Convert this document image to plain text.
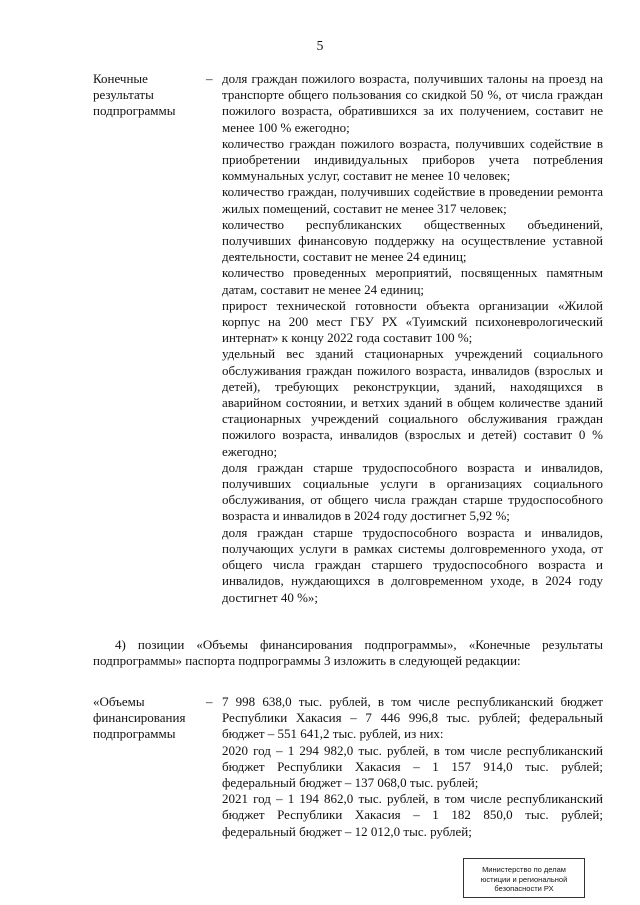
5
Конечные
результаты
подпрограммы
– доля граждан пожилого возраста, получивших талоны на проезд на транспорте общего пользования со скидкой 50 %, от числа граждан пожилого возраста, обратившихся за их получением, составит не менее 100 % ежегодно;

количество граждан пожилого возраста, получивших содействие в приобретении индивидуальных приборов учета потребления коммунальных услуг, составит не менее 10 человек;

количество граждан, получивших содействие в проведении ремонта жилых помещений, составит не менее 317 человек;

количество республиканских общественных объединений, получивших финансовую поддержку на осуществление уставной деятельности, составит не менее 24 единиц;

количество проведенных мероприятий, посвященных памятным датам, составит не менее 24 единиц;

прирост технической готовности объекта организации «Жилой корпус на 200 мест ГБУ РХ «Туимский психоневрологический интернат» к концу 2022 года составит 100 %;

удельный вес зданий стационарных учреждений социального обслуживания граждан пожилого возраста, инвалидов (взрослых и детей), требующих реконструкции, зданий, находящихся в аварийном состоянии, и ветхих зданий в общем количестве зданий стационарных учреждений социального обслуживания граждан пожилого возраста, инвалидов (взрослых и детей) составит 0 % ежегодно;

доля граждан старше трудоспособного возраста и инвалидов, получивших социальные услуги в организациях социального обслуживания, от общего числа граждан старше трудоспособного возраста и инвалидов в 2024 году достигнет 5,92 %;

доля граждан старше трудоспособного возраста и инвалидов, получающих услуги в рамках системы долговременного ухода, от общего числа граждан старшего трудоспособного возраста и инвалидов, нуждающихся в долговременном уходе, в 2024 году достигнет 40 %»;

4) позиции «Объемы финансирования подпрограммы», «Конечные результаты подпрограммы» паспорта подпрограммы 3 изложить в следующей редакции:

«Объемы
финансирования
подпрограммы
– 7 998 638,0 тыс. рублей, в том числе республиканский бюджет Республики Хакасия – 7 446 996,8 тыс. рублей; федеральный бюджет – 551 641,2 тыс. рублей, из них:

2020 год – 1 294 982,0 тыс. рублей, в том числе республиканский бюджет Республики Хакасия – 1 157 914,0 тыс. рублей; федеральный бюджет – 137 068,0 тыс. рублей;

2021 год – 1 194 862,0 тыс. рублей, в том числе республиканский бюджет Республики Хакасия – 1 182 850,0 тыс. рублей; федеральный бюджет – 12 012,0 тыс. рублей;

Министерство по делам
юстиции и региональной
безопасности РХ
